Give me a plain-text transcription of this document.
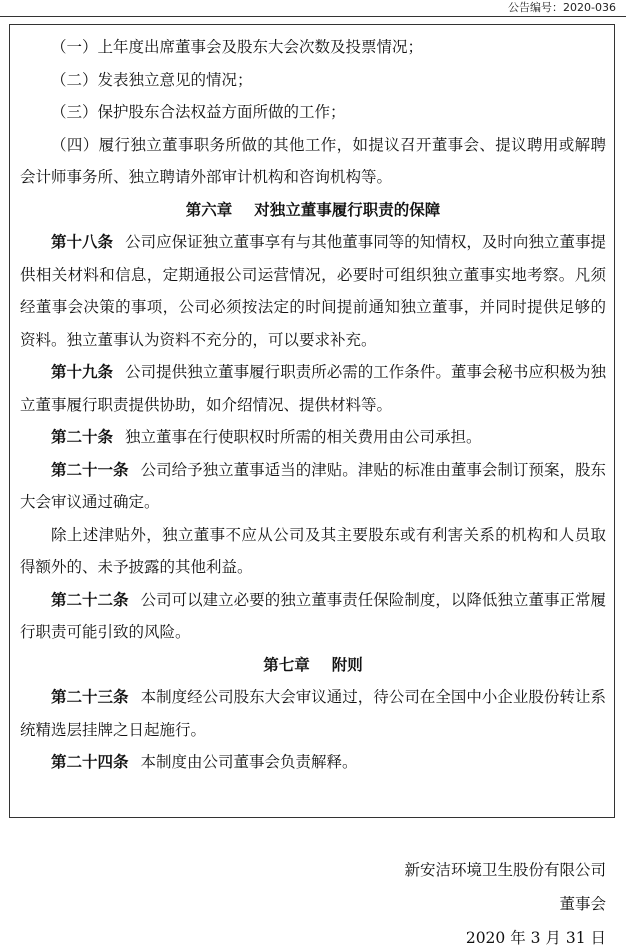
公告编号：2020-036

（一）上年度出席董事会及股东大会次数及投票情况；

（二）发表独立意见的情况；

（三）保护股东合法权益方面所做的工作；

（四）履行独立董事职务所做的其他工作，如提议召开董事会、提议聘用或解聘会计师事务所、独立聘请外部审计机构和咨询机构等。

第六章 对独立董事履行职责的保障

第十八条 公司应保证独立董事享有与其他董事同等的知情权，及时向独立董事提供相关材料和信息，定期通报公司运营情况，必要时可组织独立董事实地考察。凡须经董事会决策的事项，公司必须按法定的时间提前通知独立董事，并同时提供足够的资料。独立董事认为资料不充分的，可以要求补充。

第十九条 公司提供独立董事履行职责所必需的工作条件。董事会秘书应积极为独立董事履行职责提供协助，如介绍情况、提供材料等。

第二十条 独立董事在行使职权时所需的相关费用由公司承担。

第二十一条 公司给予独立董事适当的津贴。津贴的标准由董事会制订预案，股东大会审议通过确定。

除上述津贴外，独立董事不应从公司及其主要股东或有利害关系的机构和人员取得额外的、未予披露的其他利益。

第二十二条 公司可以建立必要的独立董事责任保险制度，以降低独立董事正常履行职责可能引致的风险。

第七章 附则

第二十三条 本制度经公司股东大会审议通过，待公司在全国中小企业股份转让系统精选层挂牌之日起施行。

第二十四条 本制度由公司董事会负责解释。

新安洁环境卫生股份有限公司
董事会
2020 年 3 月 31 日
